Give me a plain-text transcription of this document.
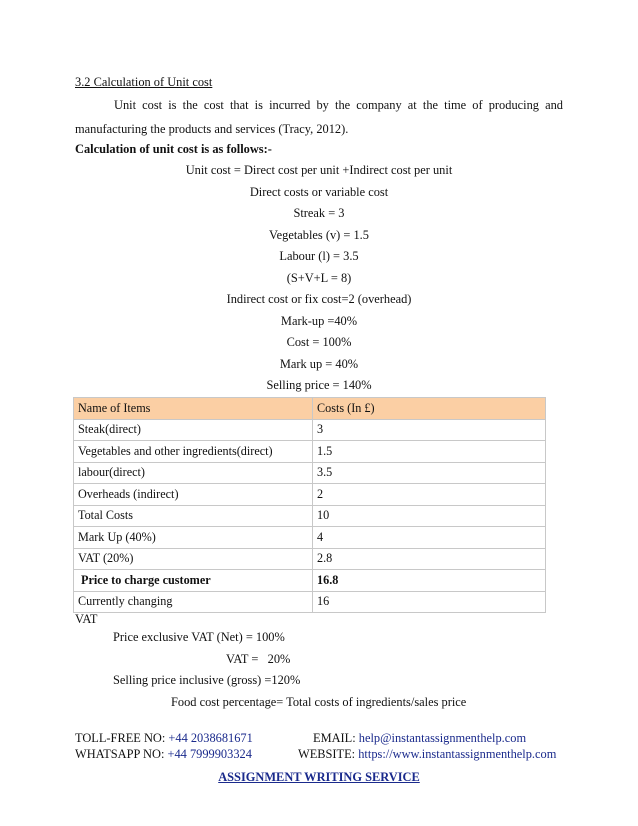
3.2 Calculation of Unit cost
Unit cost is the cost that is incurred by the company at the time of producing and
manufacturing the products and services (Tracy, 2012).
Calculation of unit cost is as follows:-
Unit cost = Direct cost per unit +Indirect cost per unit
Direct costs or variable cost
Streak = 3
Vegetables (v) = 1.5
Labour (l) = 3.5
(S+V+L = 8)
Indirect cost or fix cost=2 (overhead)
Mark-up =40%
Cost = 100%
Mark up = 40%
Selling price = 140%
Name of Items	Costs (In £)
Steak(direct)	3
Vegetables and other ingredients(direct)	1.5
labour(direct)	3.5
Overheads (indirect)	2
Total Costs	10
Mark Up (40%)	4
VAT (20%)	2.8
Price to charge customer	16.8
Currently changing	16
VAT
Price exclusive VAT (Net) = 100%
VAT =   20%
Selling price inclusive (gross) =120%
Food cost percentage= Total costs of ingredients/sales price
TOLL-FREE NO: +44 2038681671	EMAIL: help@instantassignmenthelp.com
WHATSAPP NO: +44 7999903324	WEBSITE: https://www.instantassignmenthelp.com
ASSIGNMENT WRITING SERVICE
